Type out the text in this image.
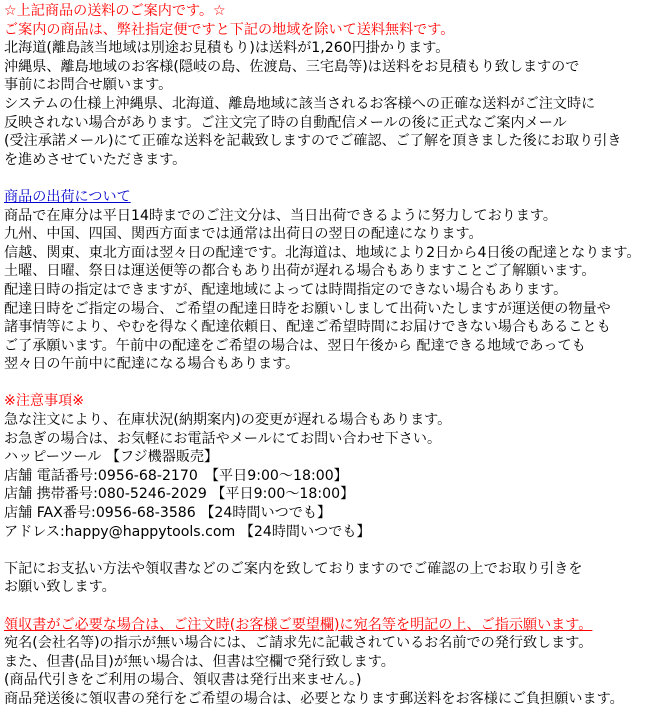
☆上記商品の送料のご案内です。☆
ご案内の商品は、弊社指定便ですと下記の地域を除いて送料無料です。
北海道(離島該当地域は別途お見積もり)は送料が1,260円掛かります。
沖縄県、離島地域のお客様(隠岐の島、佐渡島、三宅島等)は送料をお見積もり致しますので
事前にお問合せ願います。
システムの仕様上沖縄県、北海道、離島地域に該当されるお客様への正確な送料がご注文時に
反映されない場合があります。ご注文完了時の自動配信メールの後に正式なご案内メール
(受注承諾メール)にて正確な送料を記載致しますのでご確認、ご了解を頂きました後にお取り引き
を進めさせていただきます。
商品の出荷について
商品で在庫分は平日14時までのご注文分は、当日出荷できるように努力しております。
九州、中国、四国、関西方面までは通常は出荷日の翌日の配達になります。
信越、関東、東北方面は翌々日の配達です。北海道は、地域により2日から4日後の配達となります。
土曜、日曜、祭日は運送便等の都合もあり出荷が遅れる場合もありますことご了解願います。
配達日時の指定はできますが、配達地域によっては時間指定のできない場合もあります。
配達日時をご指定の場合、ご希望の配達日時をお願いしまして出荷いたしますが運送便の物量や
諸事情等により、やむを得なく配達依頼日、配達ご希望時間にお届けできない場合もあることも
ご了承願います。午前中の配達をご希望の場合は、翌日午後から 配達できる地域であっても
翌々日の午前中に配達になる場合もあります。
※注意事項※
急な注文により、在庫状況(納期案内)の変更が遅れる場合もあります。
お急ぎの場合は、お気軽にお電話やメールにてお問い合わせ下さい。
ハッピーツール 【フジ機器販売】
店舗 電話番号:0956-68-2170　【平日9:00～18:00】
店舗 携帯番号:080-5246-2029 【平日9:00～18:00】
店舗 FAX番号:0956-68-3586 【24時間いつでも】
アドレス:happy@happytools.com 【24時間いつでも】
下記にお支払い方法や領収書などのご案内を致しておりますのでご確認の上でお取り引きを
お願い致します。
領収書がご必要な場合は、ご注文時(お客様ご要望欄)に宛名等を明記の上、ご指示願います。
宛名(会社名等)の指示が無い場合には、ご請求先に記載されているお名前での発行致します。
また、但書(品目)が無い場合は、但書は空欄で発行致します。
(商品代引きをご利用の場合、領収書は発行出来ません。)
商品発送後に領収書の発行をご希望の場合は、必要となります郵送料をお客様にご負担願います。
